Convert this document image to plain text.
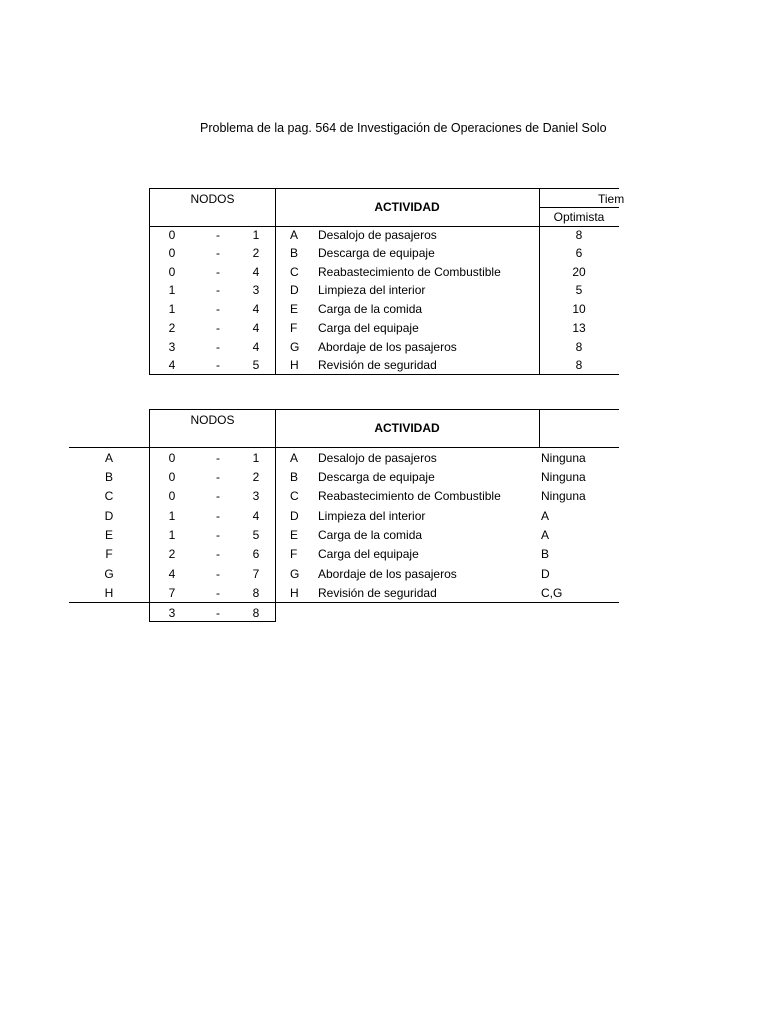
Problema de la pag. 564 de Investigación de Operaciones de Daniel Solo
NODOS
ACTIVIDAD
Tiem
Optimista
0	-	1	A	Desalojo de pasajeros	8
0	-	2	B	Descarga de equipaje	6
0	-	4	C	Reabastecimiento de Combustible	20
1	-	3	D	Limpieza del interior	5
1	-	4	E	Carga de la comida	10
2	-	4	F	Carga del equipaje	13
3	-	4	G	Abordaje de los pasajeros	8
4	-	5	H	Revisión de seguridad	8
NODOS
ACTIVIDAD
A	0	-	1	A	Desalojo de pasajeros	Ninguna
B	0	-	2	B	Descarga de equipaje	Ninguna
C	0	-	3	C	Reabastecimiento de Combustible	Ninguna
D	1	-	4	D	Limpieza del interior	A
E	1	-	5	E	Carga de la comida	A
F	2	-	6	F	Carga del equipaje	B
G	4	-	7	G	Abordaje de los pasajeros	D
H	7	-	8	H	Revisión de seguridad	C,G
3	-	8
